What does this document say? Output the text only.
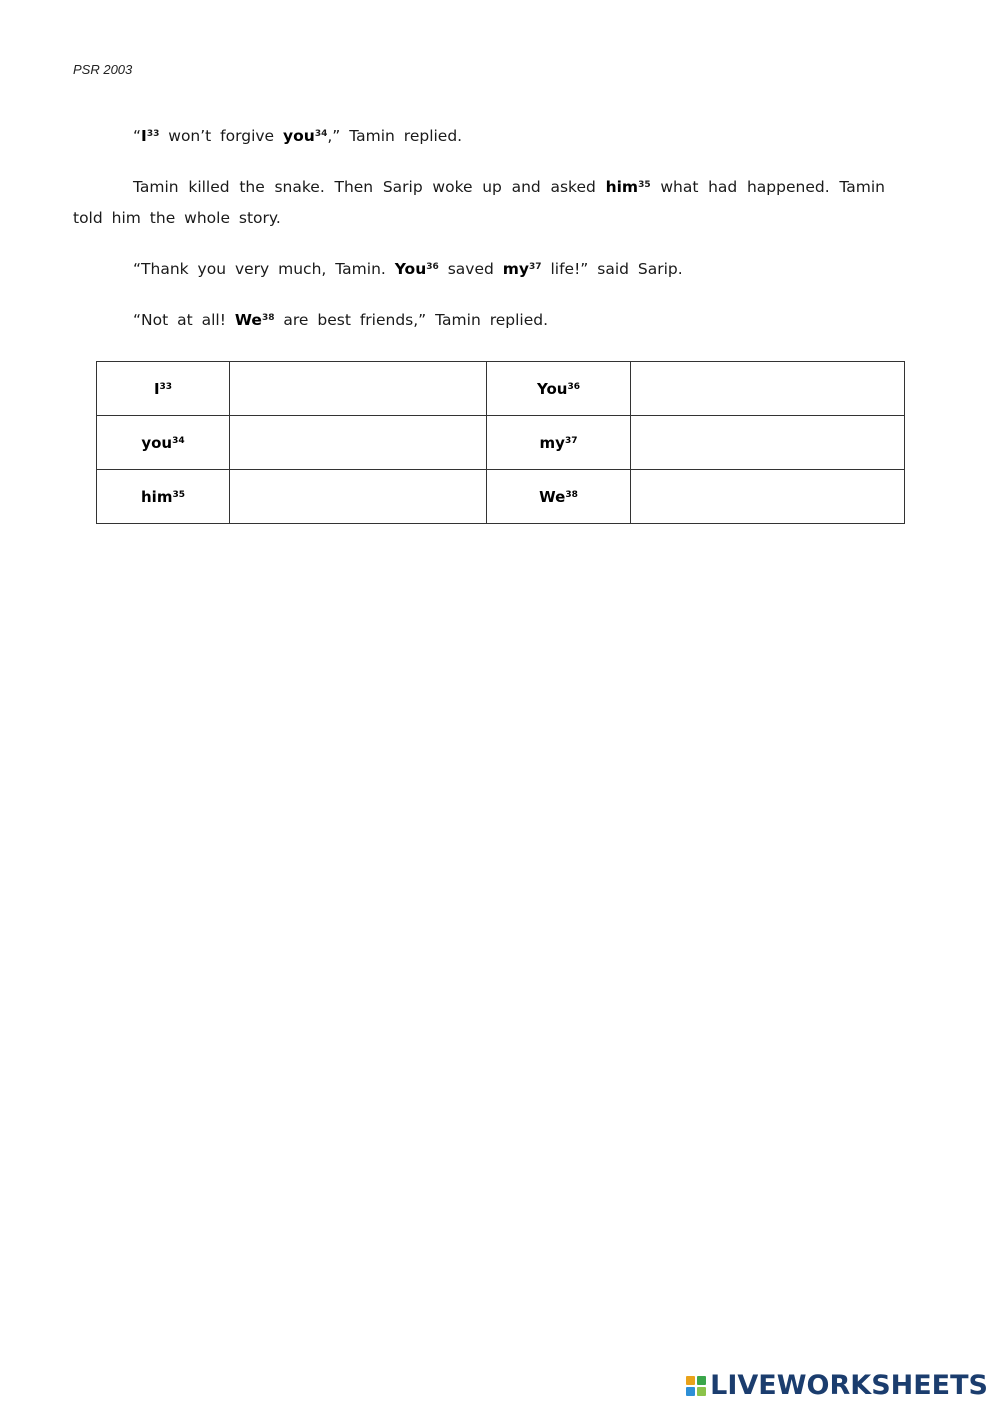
PSR 2003

“$I^{33}$ won’t forgive you$^{34}$,” Tamin replied.

Tamin killed the snake. Then Sarip woke up and asked him$^{35}$ what had happened. Tamin told him the whole story.

“Thank you very much, Tamin. You$^{36}$ saved $my^{37}$ life!” said Sarip.

“Not at all! We$^{38}$ are best friends,” Tamin replied.

$I^{33}$		You$^{36}$	
you$^{34}$		$my^{37}$	
him$^{35}$		We$^{38}$	
LIVEWORKSHEETS
